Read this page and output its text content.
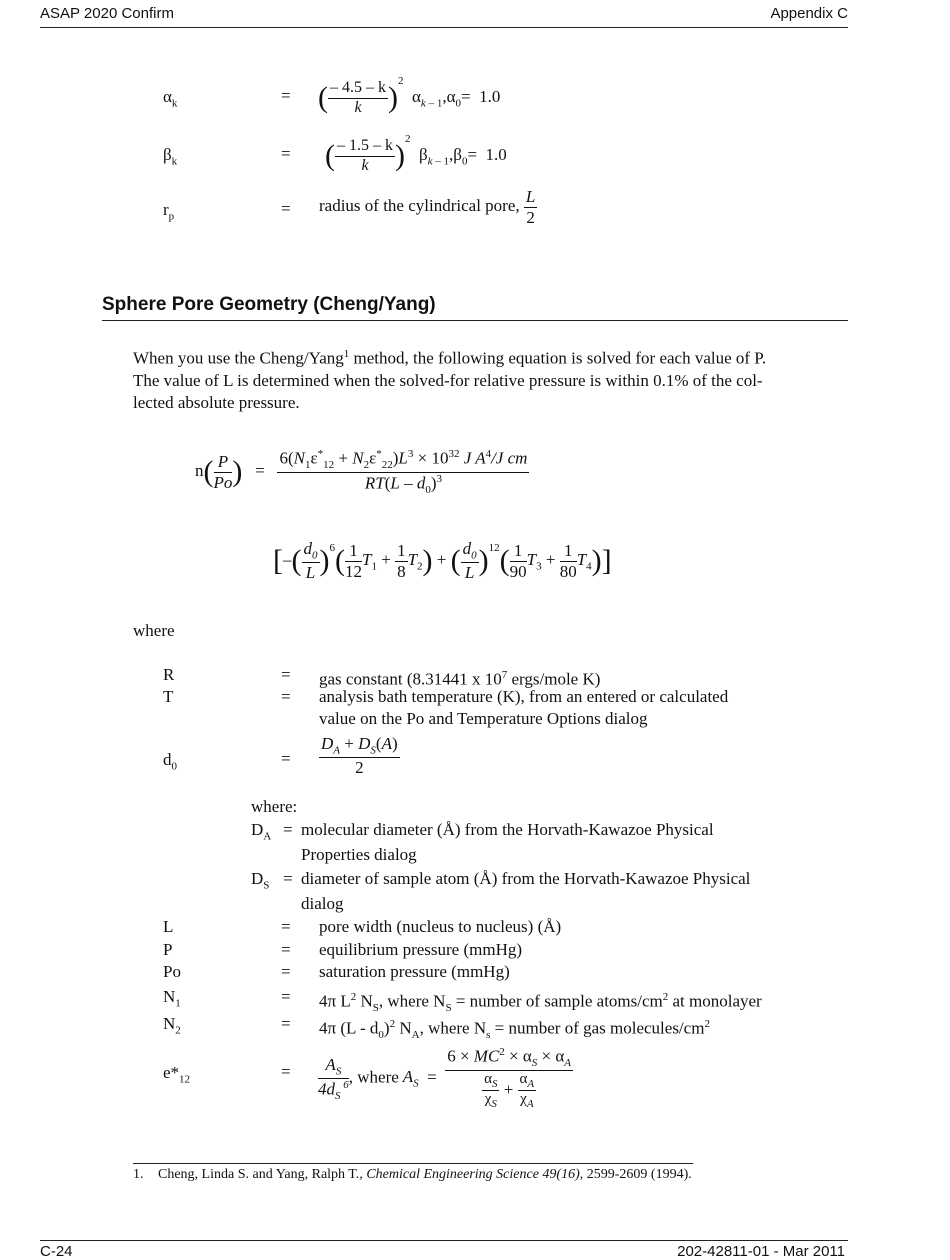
ASAP 2020 Confirm	Appendix C
$\alpha_k$	= ( $\frac{- 4.5 - k}{k} )^2$  $\alpha_k$ $_{- 1},\alpha_0= 1.0$
$\beta_k$	= ( $\frac{- 1.5 - k}{k} )^2$  $\beta_k$ $_{- 1},\beta_0= 1.0$
$r_p$	= radius of the cylindrical pore, $\frac{L}{2}$
Sphere Pore Geometry (Cheng/Yang)
When you use the Cheng/Yang$^1$ method, the following equation is solved for each value of P.
The value of L is determined when the solved-for relative pressure is within 0.1% of the col-
lected absolute pressure.
$n( \frac{P}{Po}$ )   = $\frac{6(N_1\varepsilon^*_{12} + N_2\varepsilon^*_{22})L^3 \times 10^{32} J A^4/J cm}{RT(L - d_0)^3}$
[–( $\frac{d_0}{L} )^6( \frac{1}{12} T_1 + \frac{1}{8} T_2)$ + ( $\frac{d_0}{L} )^{12}( \frac{1}{90} T_3 + \frac{1}{80} T_4)$]
where
R	= gas constant (8.31441 x $10^7$ ergs/mole K)
T	= analysis bath temperature (K), from an entered or calculated
value on the Po and Temperature Options dialog
$d_0$	= $\frac{D_A + D_S(A)}{2}$
where:
$D_A$ = molecular diameter (Å) from the Horvath-Kawazoe Physical
Properties dialog
$D_S$ = diameter of sample atom (Å) from the Horvath-Kawazoe Physical
dialog
L	= pore width (nucleus to nucleus) (Å)
P	= equilibrium pressure (mmHg)
Po	= saturation pressure (mmHg)
$N_1$	= 4π $L^2$ $N_S$, where $N_S$ = number of sample atoms/$cm^2$ at monolayer
$N_2$	= 4π $(L - d_0)^2$ $N_A$, where $N_s$ = number of gas molecules/$cm^2$
$e*_{12}$	= $\frac{A_S}{4d_S ^6}$ , where $A_S = \frac{6 \times MC^2 \times \alpha_S \times \alpha_A}{\frac{\alpha_S}{\chi_S} + \frac{\alpha_A}{\chi_A}}$
1. Cheng, Linda S. and Yang, Ralph T., Chemical Engineering Science 49(16), 2599-2609 (1994).
C-24	202-42811-01 - Mar 2011
